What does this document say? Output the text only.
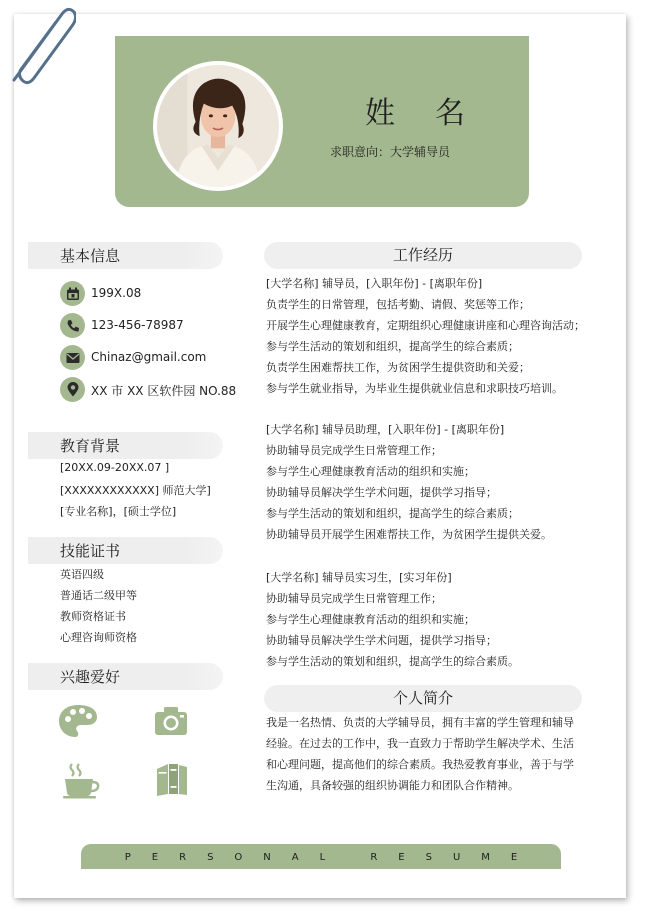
姓名
求职意向：大学辅导员
基本信息
199X.08
123-456-78987
Chinaz@gmail.com
XX 市 XX 区软件园 NO.88
教育背景
[20XX.09-20XX.07 ]
[XXXXXXXXXXXX] 师范大学]
[专业名称]，[硕士学位]
技能证书
英语四级
普通话二级甲等
教师资格证书
心理咨询师资格
兴趣爱好
工作经历
[大学名称] 辅导员，[入职年份] - [离职年份]
负责学生的日常管理，包括考勤、请假、奖惩等工作；
开展学生心理健康教育，定期组织心理健康讲座和心理咨询活动；
参与学生活动的策划和组织，提高学生的综合素质；
负责学生困难帮扶工作，为贫困学生提供资助和关爱；
参与学生就业指导，为毕业生提供就业信息和求职技巧培训。
[大学名称] 辅导员助理，[入职年份] - [离职年份]
协助辅导员完成学生日常管理工作；
参与学生心理健康教育活动的组织和实施；
协助辅导员解决学生学术问题，提供学习指导；
参与学生活动的策划和组织，提高学生的综合素质；
协助辅导员开展学生困难帮扶工作，为贫困学生提供关爱。
[大学名称] 辅导员实习生，[实习年份]
协助辅导员完成学生日常管理工作；
参与学生心理健康教育活动的组织和实施；
协助辅导员解决学生学术问题，提供学习指导；
参与学生活动的策划和组织，提高学生的综合素质。
个人简介
我是一名热情、负责的大学辅导员，拥有丰富的学生管理和辅导
经验。在过去的工作中，我一直致力于帮助学生解决学术、生活
和心理问题，提高他们的综合素质。我热爱教育事业，善于与学
生沟通，具备较强的组织协调能力和团队合作精神。
PERSONAL RESUME
